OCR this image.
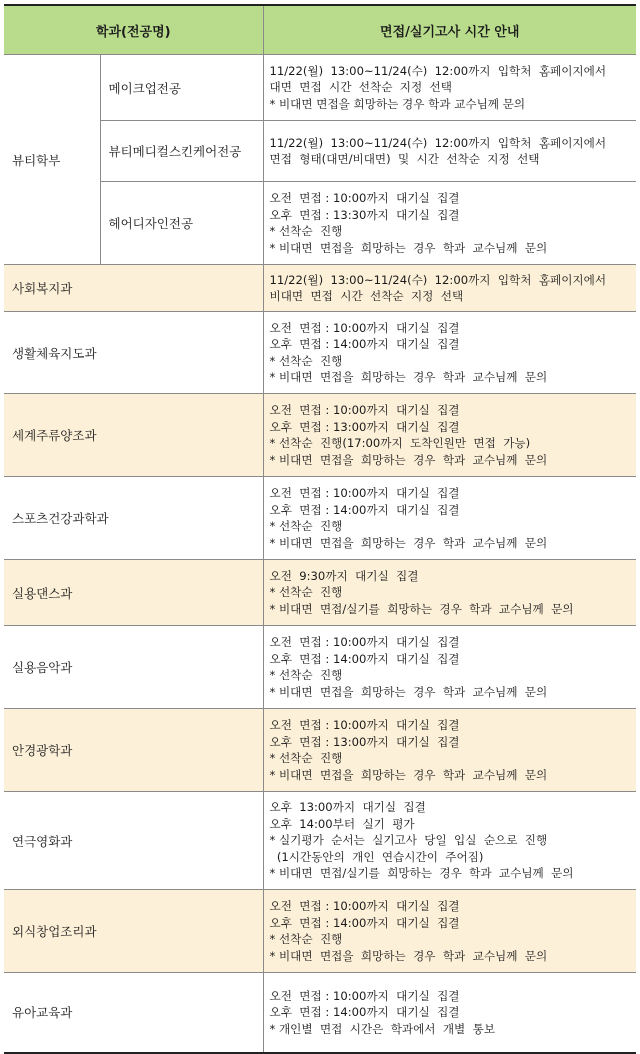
학과(전공명)		면접/실기고사 시간 안내
뷰티학부	메이크업전공	11/22(월)  13:00~11/24(수)  12:00까지  입학처  홈페이지에서
대면  면접  시간  선착순  지정  선택
* 비대면 면접을 희망하는 경우 학과 교수님께 문의

	뷰티메디컬스킨케어전공	11/22(월)  13:00~11/24(수)  12:00까지  입학처  홈페이지에서
면접  형태(대면/비대면)  및  시간  선착순  지정  선택

	헤어디자인전공	오전  면접 : 10:00까지  대기실  집결
오후  면접 : 13:30까지  대기실  집결
* 선착순  진행
* 비대면  면접을  희망하는  경우  학과  교수님께  문의

사회복지과		11/22(월)  13:00~11/24(수)  12:00까지  입학처  홈페이지에서
비대면  면접  시간  선착순  지정  선택

생활체육지도과		오전  면접 : 10:00까지  대기실  집결
오후  면접 : 14:00까지  대기실  집결
* 선착순  진행
* 비대면  면접을  희망하는  경우  학과  교수님께  문의

세계주류양조과		오전  면접 : 10:00까지  대기실  집결
오후  면접 : 13:00까지  대기실  집결
* 선착순  진행(17:00까지  도착인원만  면접  가능)
* 비대면  면접을  희망하는  경우  학과  교수님께  문의

스포츠건강과학과		오전  면접 : 10:00까지  대기실  집결
오후  면접 : 14:00까지  대기실  집결
* 선착순  진행
* 비대면  면접을  희망하는  경우  학과  교수님께  문의

실용댄스과		오전  9:30까지  대기실  집결
* 선착순  진행
* 비대면  면접/실기를  희망하는  경우  학과  교수님께  문의

실용음악과		오전  면접 : 10:00까지  대기실  집결
오후  면접 : 14:00까지  대기실  집결
* 선착순  진행
* 비대면  면접을  희망하는  경우  학과  교수님께  문의

안경광학과		오전  면접 : 10:00까지  대기실  집결
오후  면접 : 13:00까지  대기실  집결
* 선착순  진행
* 비대면  면접을  희망하는  경우  학과  교수님께  문의

연극영화과		오후  13:00까지  대기실  집결
오후  14:00부터  실기  평가
* 실기평가  순서는  실기고사  당일  입실  순으로  진행
(1시간동안의  개인  연습시간이  주어짐)
* 비대면  면접/실기를  희망하는  경우  학과  교수님께  문의

외식창업조리과		오전  면접 : 10:00까지  대기실  집결
오후  면접 : 14:00까지  대기실  집결
* 선착순  진행
* 비대면  면접을  희망하는  경우  학과  교수님께  문의

유아교육과		오전  면접 : 10:00까지  대기실  집결
오후  면접 : 14:00까지  대기실  집결
* 개인별  면접  시간은  학과에서  개별  통보
